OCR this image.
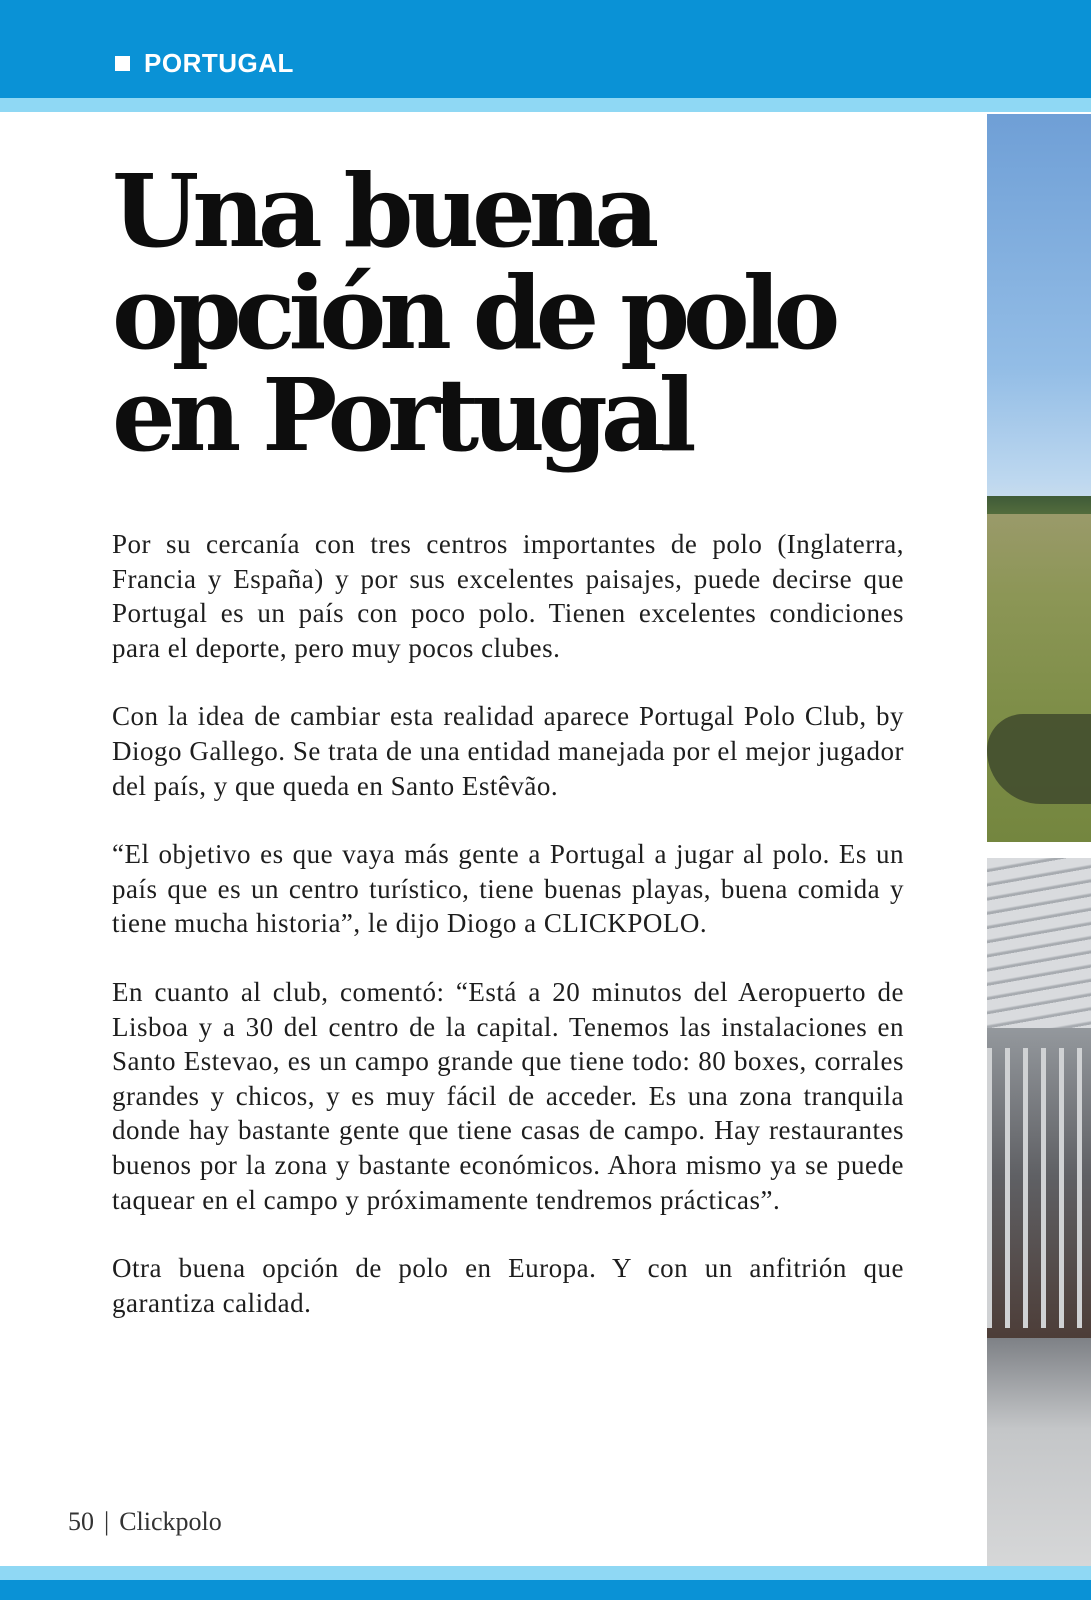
PORTUGAL
Una buena opción de polo en Portugal

Por su cercanía con tres centros importantes de polo (Inglaterra, Francia y España) y por sus excelentes paisajes, puede decirse que Portugal es un país con poco polo. Tienen excelentes condiciones para el deporte, pero muy pocos clubes.

Con la idea de cambiar esta realidad aparece Portugal Polo Club, by Diogo Gallego. Se trata de una entidad manejada por el mejor jugador del país, y que queda en Santo Estêvão.

“El objetivo es que vaya más gente a Portugal a jugar al polo. Es un país que es un centro turístico, tiene buenas playas, buena comida y tiene mucha historia”, le dijo Diogo a CLICKPOLO.

En cuanto al club, comentó: “Está a 20 minutos del Aeropuerto de Lisboa y a 30 del centro de la capital. Tenemos las instalaciones en Santo Estevao, es un campo grande que tiene todo: 80 boxes, corrales grandes y chicos, y es muy fácil de acceder. Es una zona tranquila donde hay bastante gente que tiene casas de campo. Hay restaurantes buenos por la zona y bastante económicos. Ahora mismo ya se puede taquear en el campo y próximamente tendremos prácticas”.

Otra buena opción de polo en Europa. Y con un anfitrión que garantiza calidad.

50 | Clickpolo
